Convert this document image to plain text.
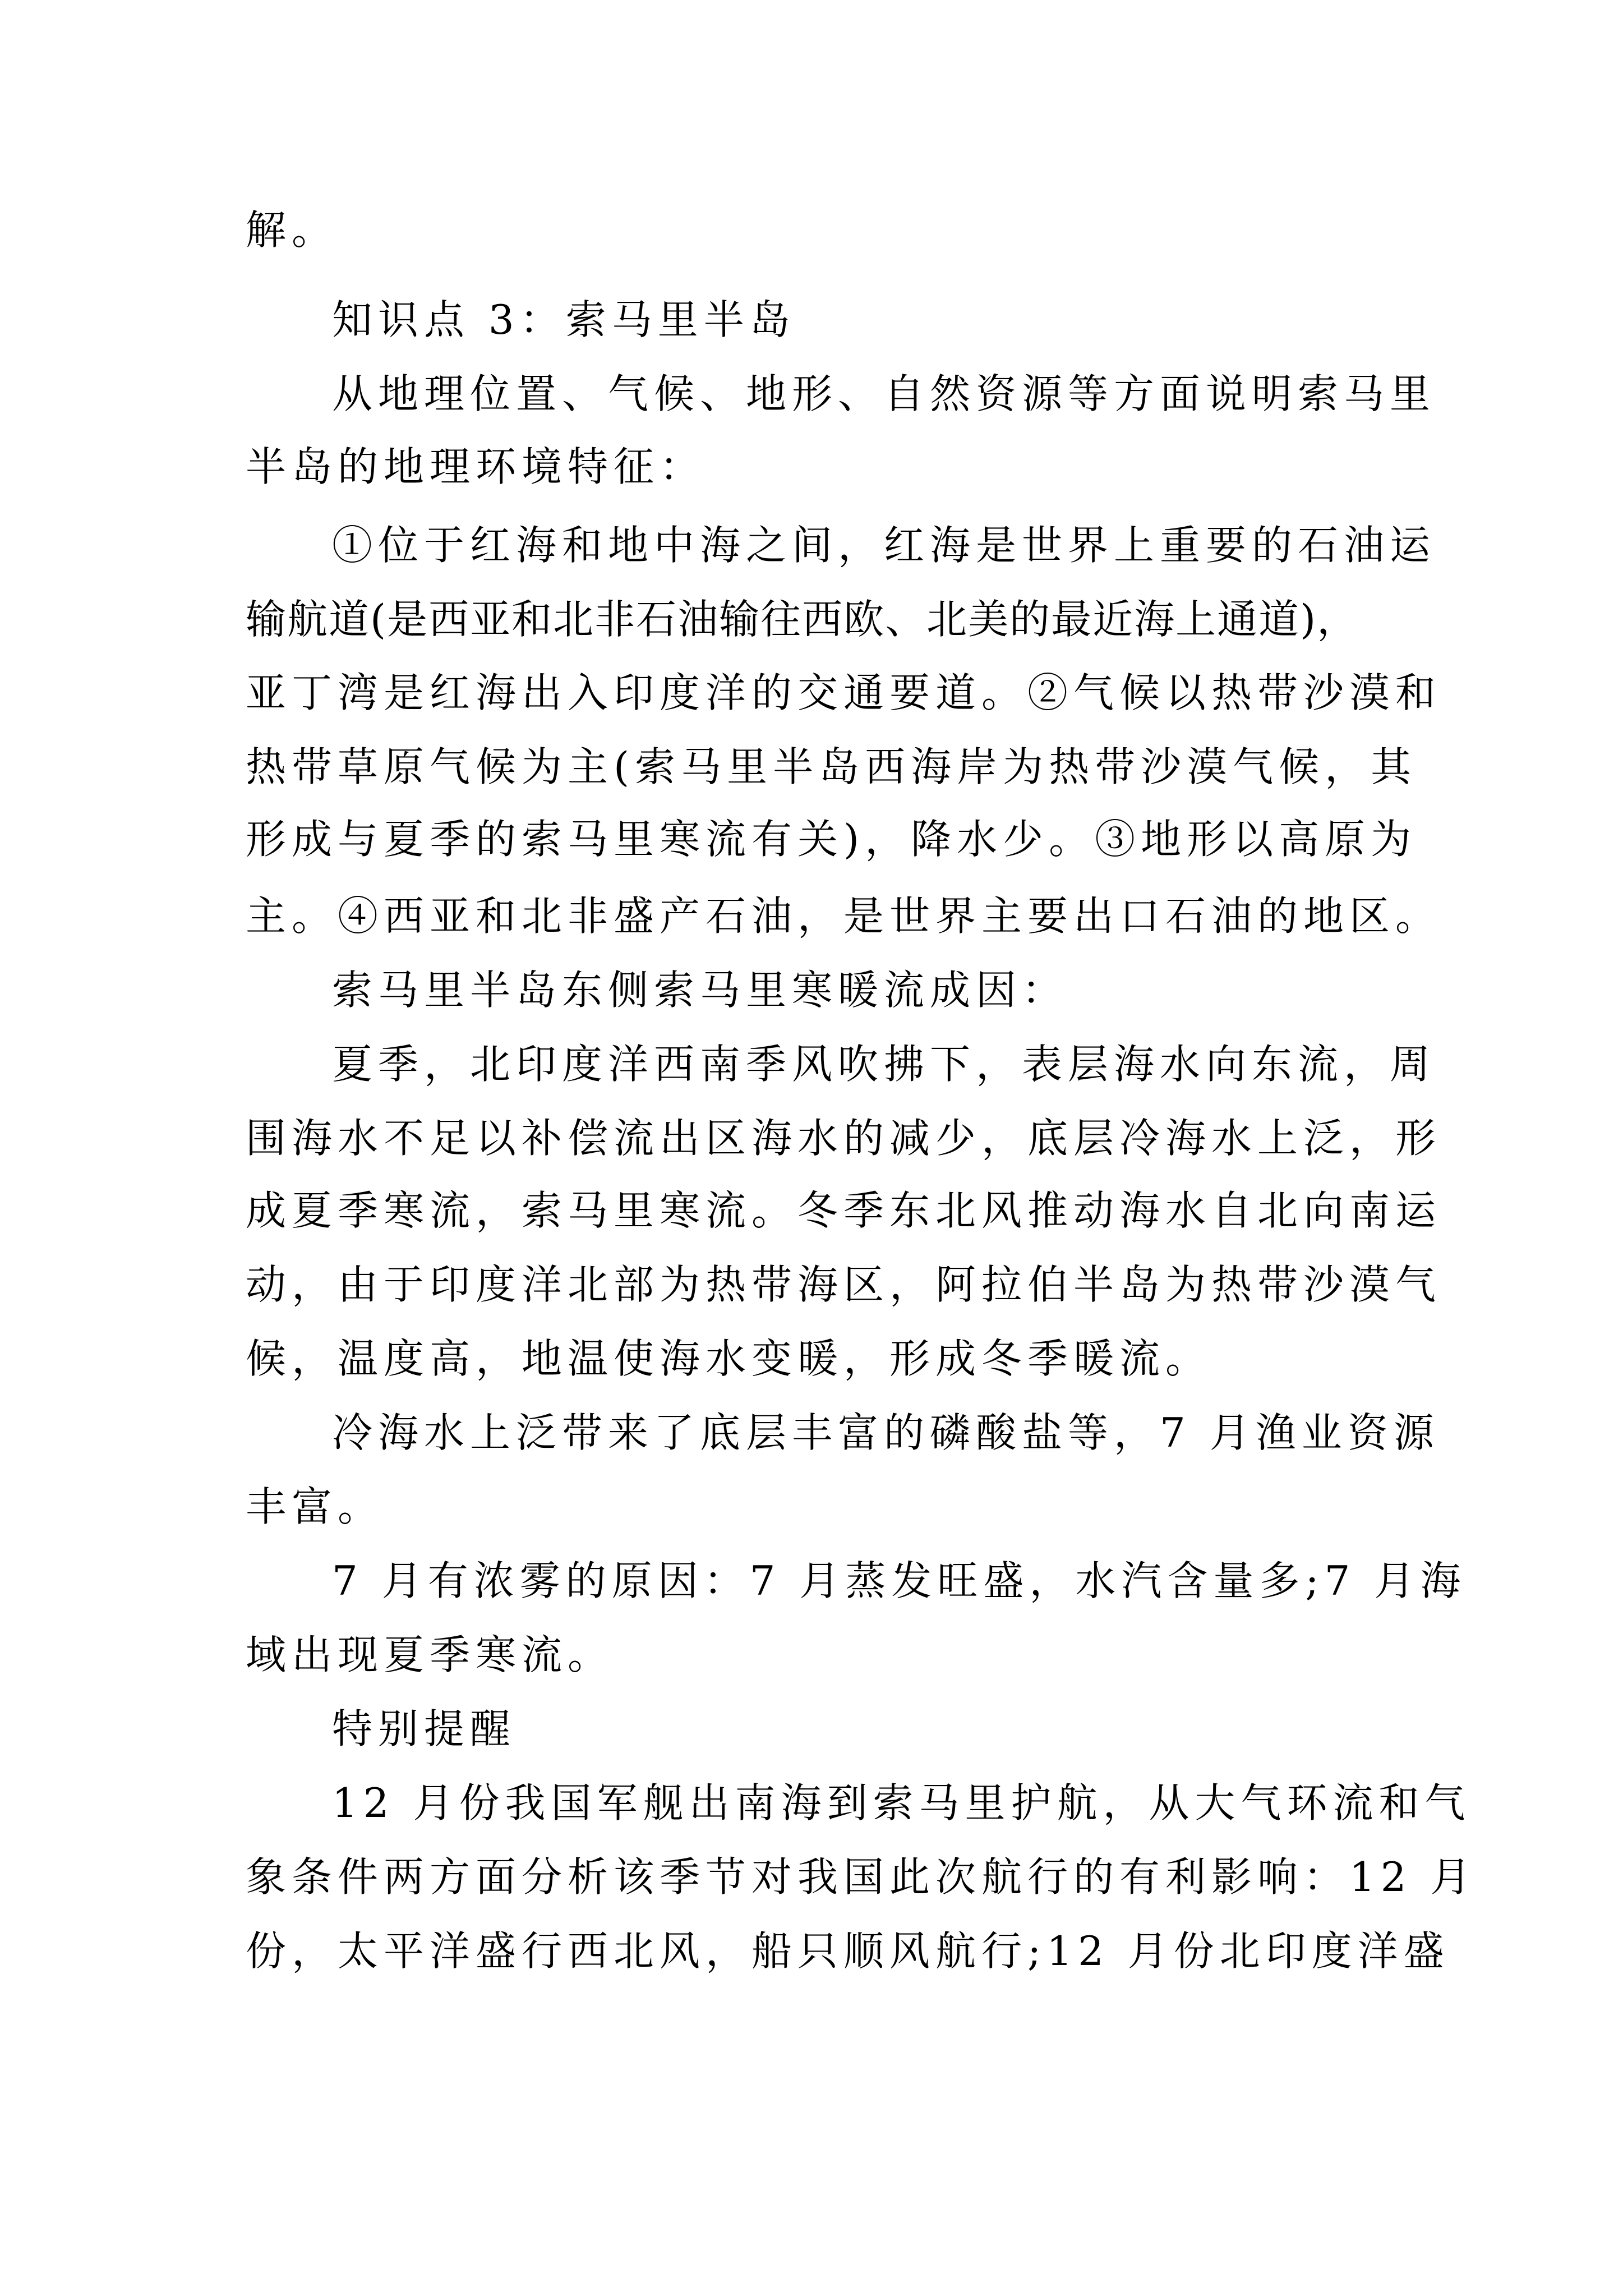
解。
知识点 3：索马里半岛
从地理位置、气候、地形、自然资源等方面说明索马里
半岛的地理环境特征：
①位于红海和地中海之间，红海是世界上重要的石油运
输航道(是西亚和北非石油输往西欧、北美的最近海上通道)，
亚丁湾是红海出入印度洋的交通要道。②气候以热带沙漠和
热带草原气候为主(索马里半岛西海岸为热带沙漠气候，其
形成与夏季的索马里寒流有关)，降水少。③地形以高原为
主。④西亚和北非盛产石油，是世界主要出口石油的地区。
索马里半岛东侧索马里寒暖流成因：
夏季，北印度洋西南季风吹拂下，表层海水向东流，周
围海水不足以补偿流出区海水的减少，底层冷海水上泛，形
成夏季寒流，索马里寒流。冬季东北风推动海水自北向南运
动，由于印度洋北部为热带海区，阿拉伯半岛为热带沙漠气
候，温度高，地温使海水变暖，形成冬季暖流。
冷海水上泛带来了底层丰富的磷酸盐等，7 月渔业资源
丰富。
7 月有浓雾的原因：7 月蒸发旺盛，水汽含量多;7 月海
域出现夏季寒流。
特别提醒
12 月份我国军舰出南海到索马里护航，从大气环流和气
象条件两方面分析该季节对我国此次航行的有利影响：12 月
份，太平洋盛行西北风，船只顺风航行;12 月份北印度洋盛
